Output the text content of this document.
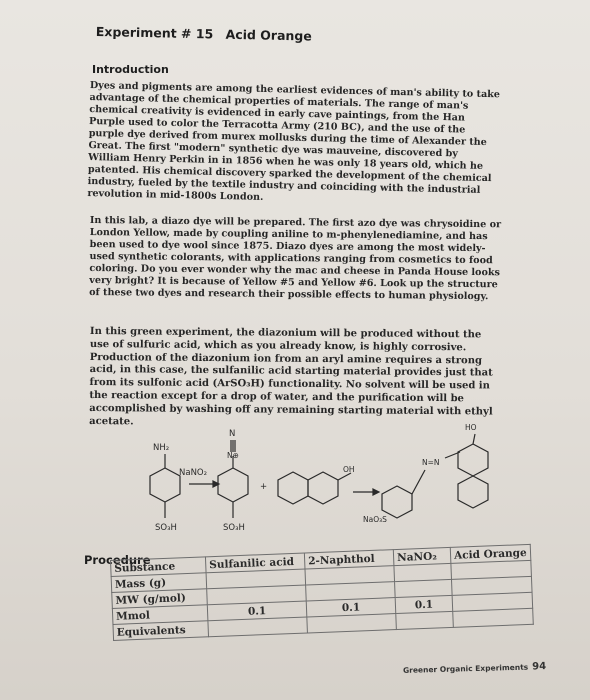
Experiment # 15 Acid Orange
Introduction

Dyes and pigments are among the earliest evidences of man's ability to take advantage of the chemical properties of materials. The range of man's chemical creativity is evidenced in early cave paintings, from the Han Purple used to color the Terracotta Army (210 BC), and the use of the purple dye derived from murex mollusks during the time of Alexander the Great. The first "modern" synthetic dye was mauveine, discovered by William Henry Perkin in in 1856 when he was only 18 years old, which he patented. His chemical discovery sparked the development of the chemical industry, fueled by the textile industry and coinciding with the industrial revolution in mid-1800s London.

In this lab, a diazo dye will be prepared. The first azo dye was chrysoidine or London Yellow, made by coupling aniline to m-phenylenediamine, and has been used to dye wool since 1875. Diazo dyes are among the most widely-used synthetic colorants, with applications ranging from cosmetics to food coloring. Do you ever wonder why the mac and cheese in Panda House looks very bright? It is because of Yellow #5 and Yellow #6. Look up the structure of these two dyes and research their possible effects to human physiology.

In this green experiment, the diazonium will be produced without the use of sulfuric acid, which as you already know, is highly corrosive. Production of the diazonium ion from an aryl amine requires a strong acid, in this case, the sulfanilic acid starting material provides just that from its sulfonic acid (ArSO₃H) functionality. No solvent will be used in the reaction except for a drop of water, and the purification will be accomplished by washing off any remaining starting material with ethyl acetate.

NH₂
NaNO₂
SO₃H
N
N⊕
SO₃H
+
OH
HO
N=N
NaO₃S
Procedure
Substance	Sulfanilic acid	2-Naphthol	NaNO₂	Acid Orange
Mass (g)				
MW (g/mol)				
Mmol	0.1	0.1	0.1	
Equivalents				
Greener Organic Experiments 94
